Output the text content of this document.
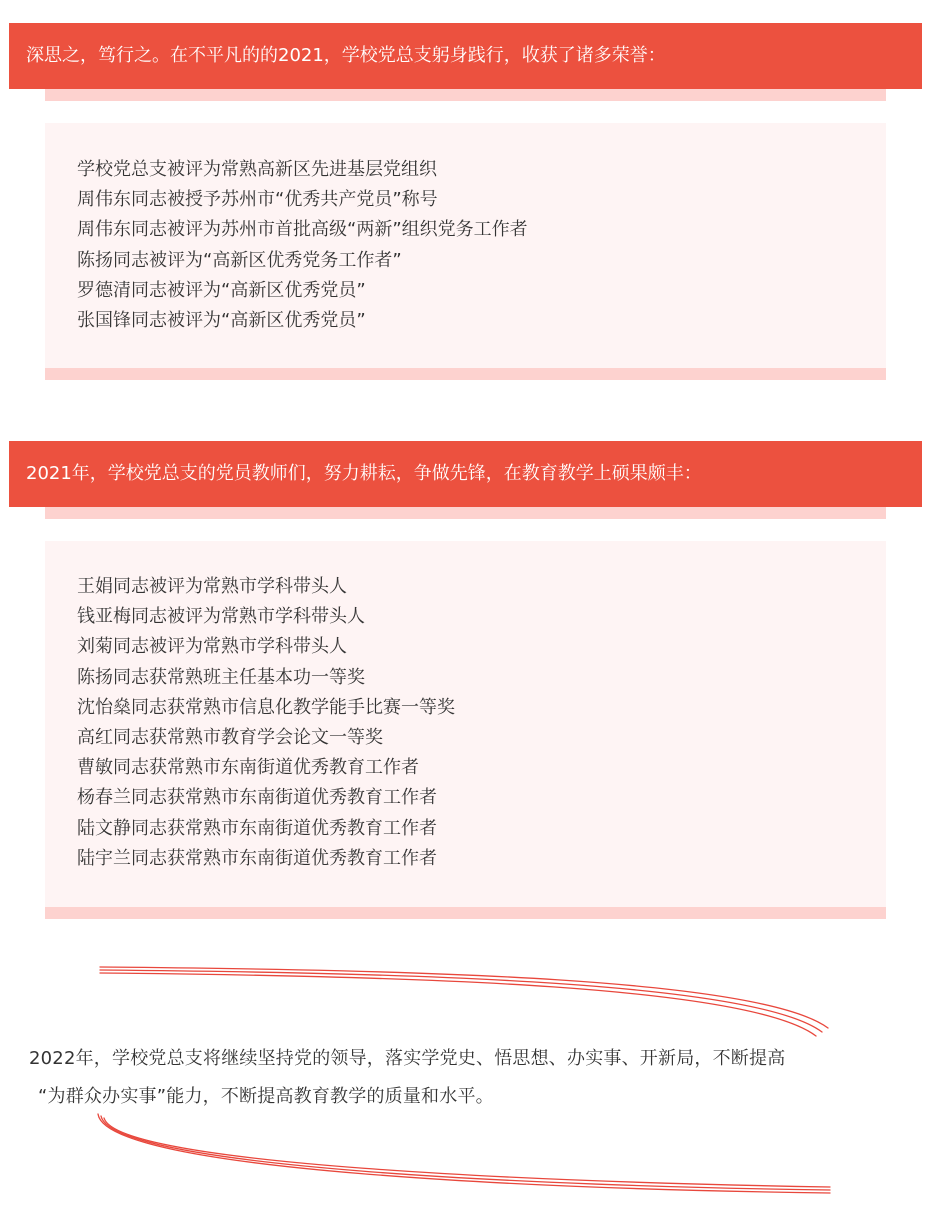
深思之，笃行之。在不平凡的的2021，学校党总支躬身践行，收获了诸多荣誉：
学校党总支被评为常熟高新区先进基层党组织
周伟东同志被授予苏州市“优秀共产党员”称号
周伟东同志被评为苏州市首批高级“两新”组织党务工作者
陈扬同志被评为“高新区优秀党务工作者”
罗德清同志被评为“高新区优秀党员”
张国锋同志被评为“高新区优秀党员”
2021年，学校党总支的党员教师们，努力耕耘，争做先锋，在教育教学上硕果颇丰：
王娟同志被评为常熟市学科带头人
钱亚梅同志被评为常熟市学科带头人
刘菊同志被评为常熟市学科带头人
陈扬同志获常熟班主任基本功一等奖
沈怡燊同志获常熟市信息化教学能手比赛一等奖
高红同志获常熟市教育学会论文一等奖
曹敏同志获常熟市东南街道优秀教育工作者
杨春兰同志获常熟市东南街道优秀教育工作者
陆文静同志获常熟市东南街道优秀教育工作者
陆宇兰同志获常熟市东南街道优秀教育工作者
2022年，学校党总支将继续坚持党的领导，落实学党史、悟思想、办实事、开新局，不断提高
“为群众办实事”能力，不断提高教育教学的质量和水平。
